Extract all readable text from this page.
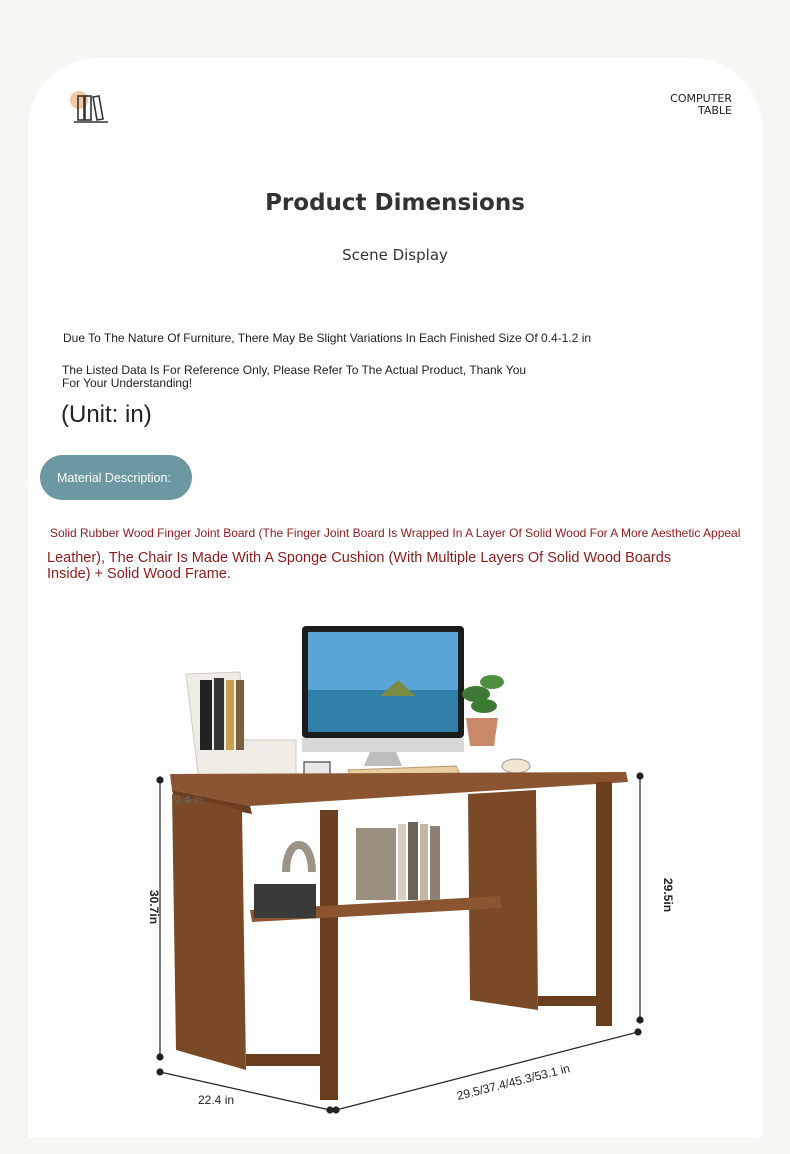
COMPUTER
TABLE
Product Dimensions
Scene Display
Due To The Nature Of Furniture, There May Be Slight Variations In Each Finished Size Of 0.4-1.2 in
The Listed Data Is For Reference Only, Please Refer To The Actual Product, Thank You For Your Understanding!
(Unit: in)
Material Description:
Solid Rubber Wood Finger Joint Board (The Finger Joint Board Is Wrapped In A Layer Of Solid Wood For A More Aesthetic Appeal
Leather), The Chair Is Made With A Sponge Cushion (With Multiple Layers Of Solid Wood Boards Inside) + Solid Wood Frame.
9.4 in
30.7in	29.5in
22.4 in	29.5/37.4/45.3/53.1 in
